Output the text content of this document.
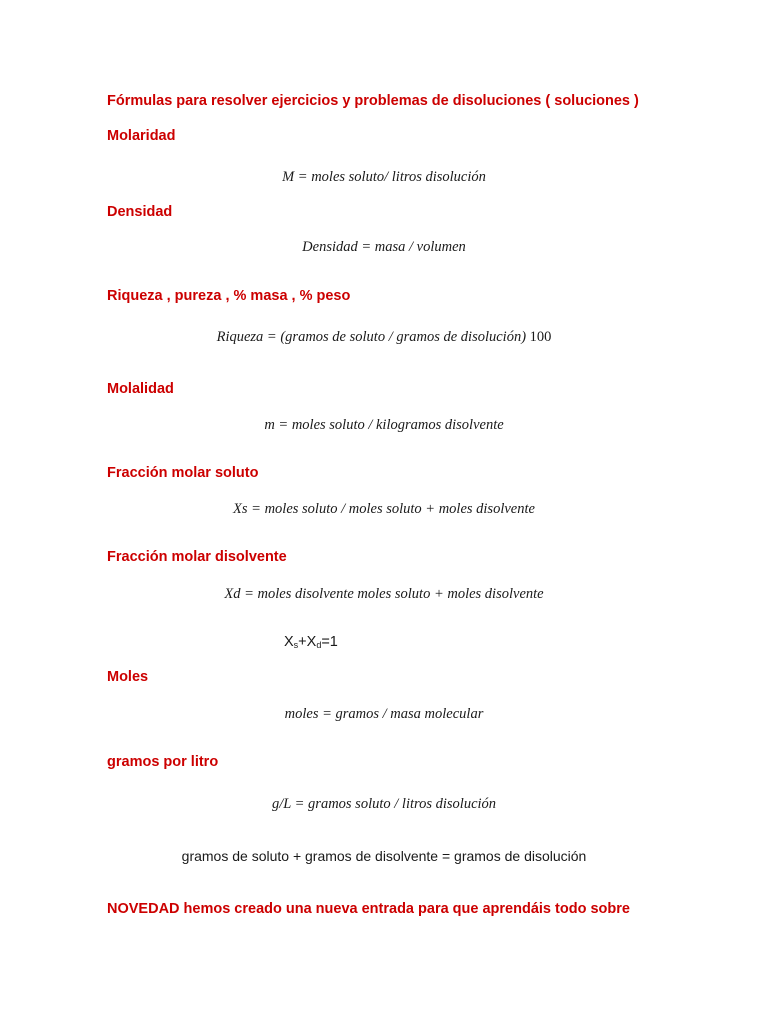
Fórmulas para resolver ejercicios y problemas de disoluciones ( soluciones )
Molaridad
M = moles soluto/ litros disolución
Densidad
Densidad = masa / volumen
Riqueza , pureza , % masa , % peso
Riqueza = (gramos de soluto / gramos de disolución) 100
Molalidad
m = moles soluto / kilogramos disolvente
Fracción molar soluto
Xs = moles soluto / moles soluto + moles disolvente
Fracción molar disolvente
Xd = moles disolvente moles soluto + moles disolvente
$X_s+X_d=1$
Moles
moles = gramos / masa molecular
gramos por litro
g/L = gramos soluto / litros disolución
gramos de soluto + gramos de disolvente = gramos de disolución
NOVEDAD hemos creado una nueva entrada para que aprendáis todo sobre
